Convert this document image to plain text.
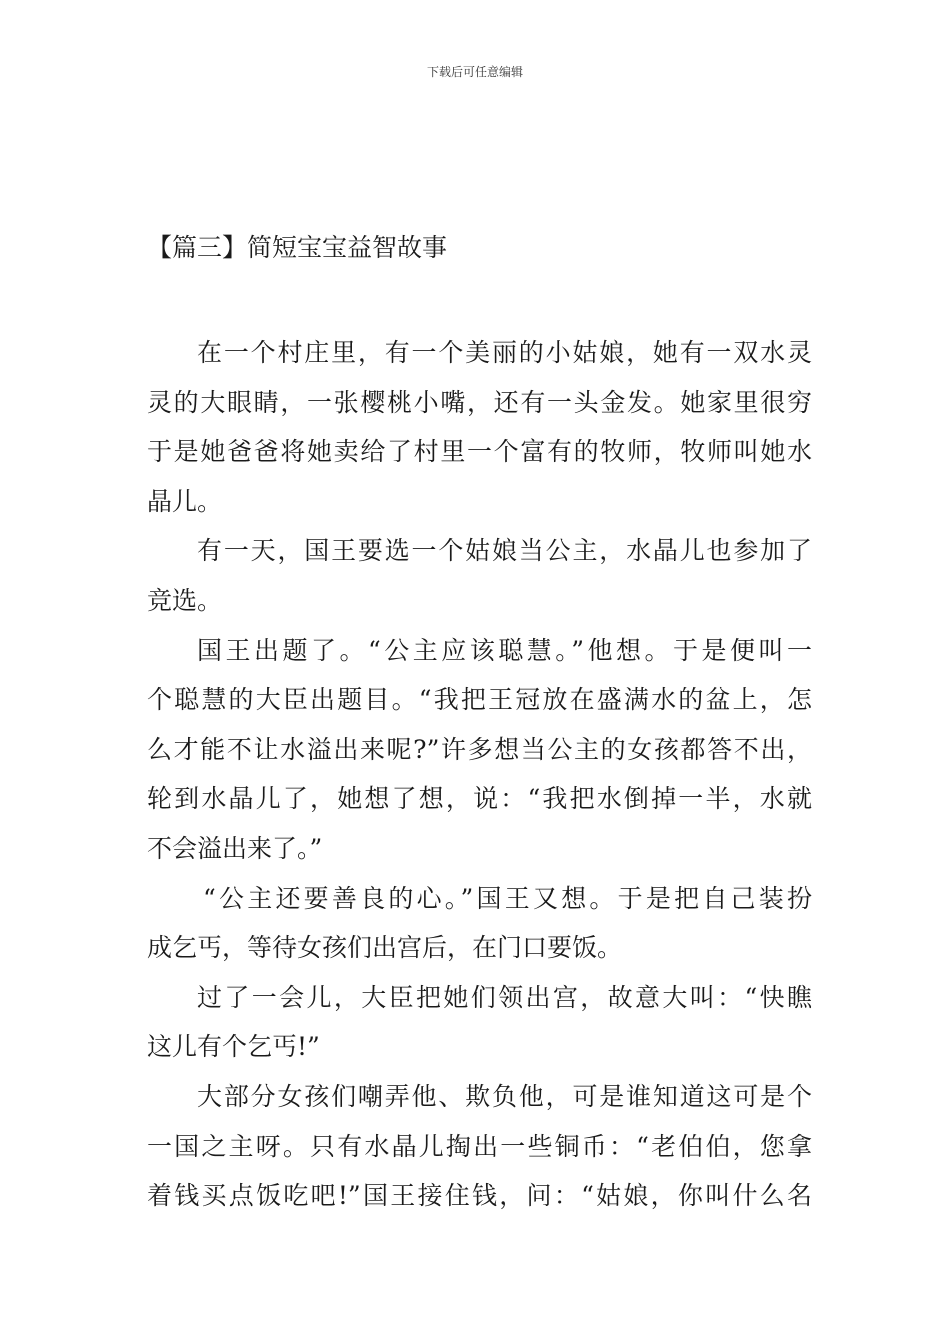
下载后可任意编辑
【篇三】简短宝宝益智故事
在一个村庄里，有一个美丽的小姑娘，她有一双水灵
灵的大眼睛，一张樱桃小嘴，还有一头金发。她家里很穷
于是她爸爸将她卖给了村里一个富有的牧师，牧师叫她水
晶儿。
有一天，国王要选一个姑娘当公主，水晶儿也参加了
竞选。
国王出题了。“公主应该聪慧。”他想。于是便叫一
个聪慧的大臣出题目。“我把王冠放在盛满水的盆上，怎
么才能不让水溢出来呢?”许多想当公主的女孩都答不出，
轮到水晶儿了，她想了想，说：“我把水倒掉一半，水就
不会溢出来了。”
“公主还要善良的心。”国王又想。于是把自己装扮
成乞丐，等待女孩们出宫后，在门口要饭。
过了一会儿，大臣把她们领出宫，故意大叫：“快瞧
这儿有个乞丐!”
大部分女孩们嘲弄他、欺负他，可是谁知道这可是个
一国之主呀。只有水晶儿掏出一些铜币：“老伯伯，您拿
着钱买点饭吃吧!”国王接住钱，问：“姑娘，你叫什么名
